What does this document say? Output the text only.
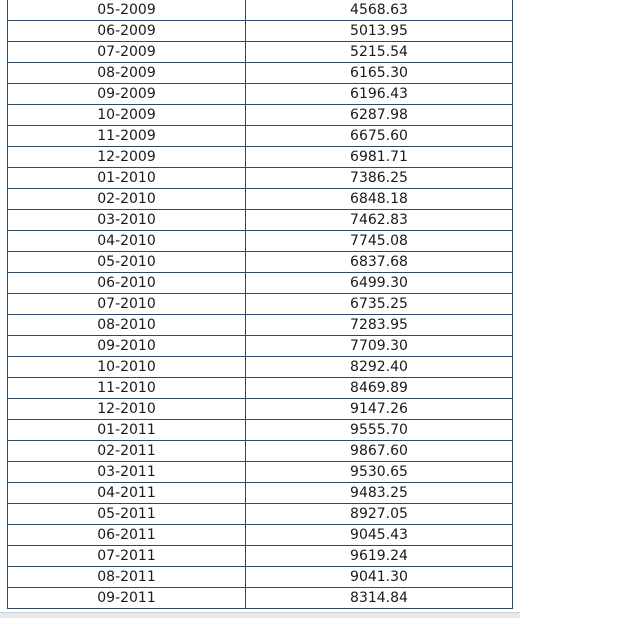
05-2009	4568.63
06-2009	5013.95
07-2009	5215.54
08-2009	6165.30
09-2009	6196.43
10-2009	6287.98
11-2009	6675.60
12-2009	6981.71
01-2010	7386.25
02-2010	6848.18
03-2010	7462.83
04-2010	7745.08
05-2010	6837.68
06-2010	6499.30
07-2010	6735.25
08-2010	7283.95
09-2010	7709.30
10-2010	8292.40
11-2010	8469.89
12-2010	9147.26
01-2011	9555.70
02-2011	9867.60
03-2011	9530.65
04-2011	9483.25
05-2011	8927.05
06-2011	9045.43
07-2011	9619.24
08-2011	9041.30
09-2011	8314.84
